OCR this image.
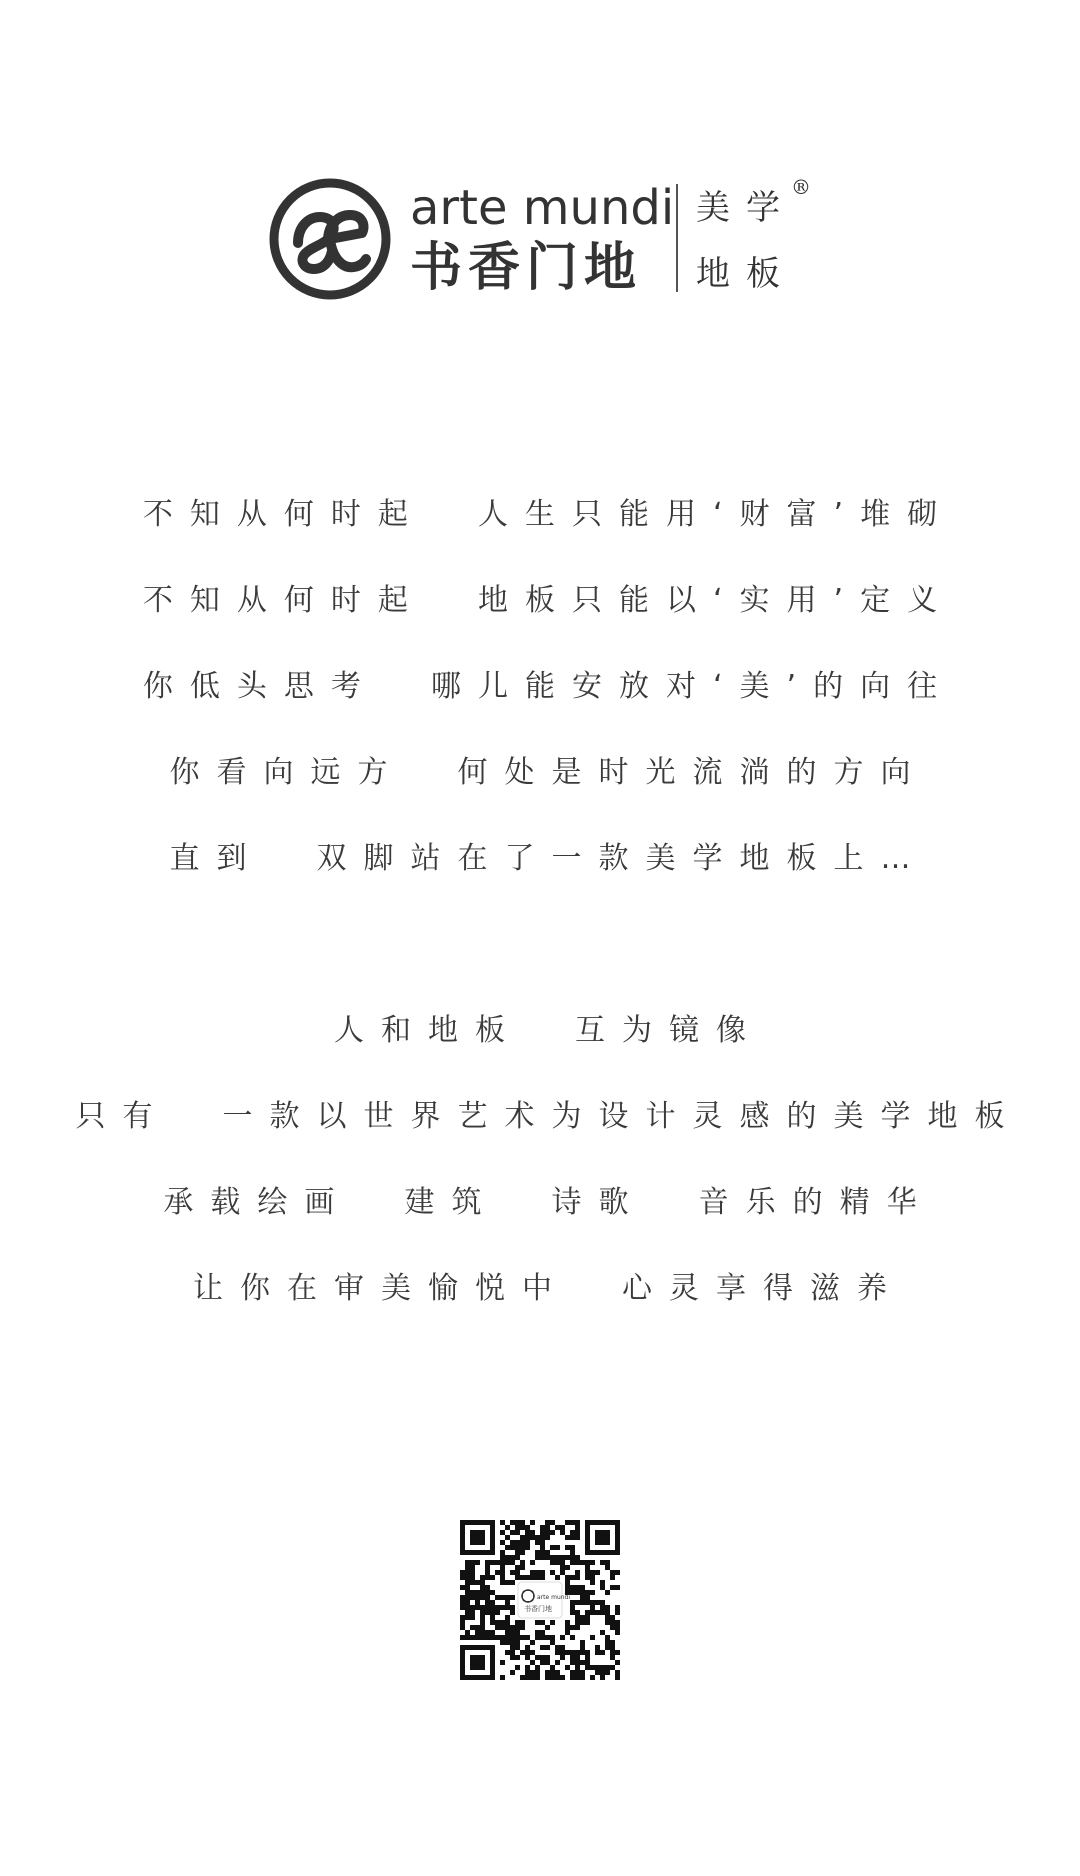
arte mundi
书香门地
美学
®
地板
不知从何时起  人生只能用‘财富’堆砌
不知从何时起  地板只能以‘实用’定义
你低头思考  哪儿能安放对‘美’的向往
你看向远方  何处是时光流淌的方向
直到  双脚站在了一款美学地板上…
人和地板  互为镜像
只有  一款以世界艺术为设计灵感的美学地板
承载绘画  建筑  诗歌  音乐的精华
让你在审美愉悦中  心灵享得滋养
arte mundi
书香门地
